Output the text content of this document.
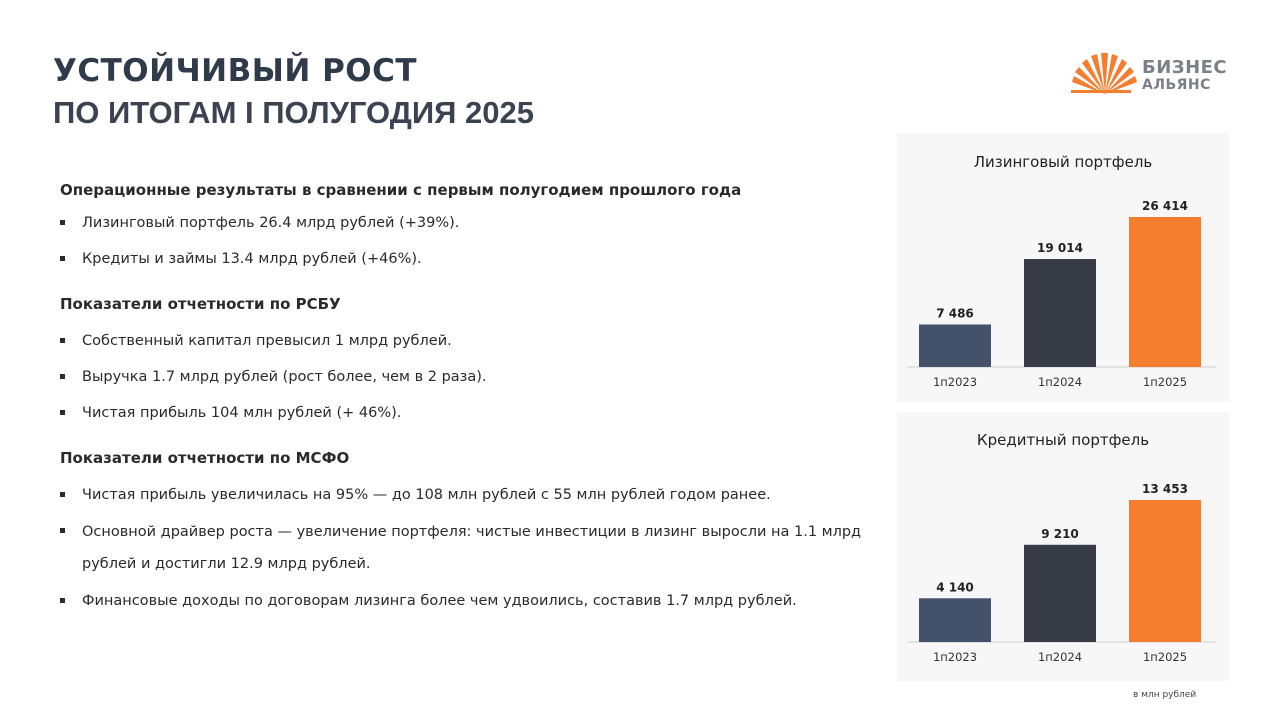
УСТОЙЧИВЫЙ РОСТ
ПО ИТОГАМ I ПОЛУГОДИЯ 2025
БИЗНЕС
АЛЬЯНС

Операционные результаты в сравнении с первым полугодием прошлого года

Лизинговый портфель 26.4 млрд рублей (+39%).
Кредиты и займы 13.4 млрд рублей (+46%).

Показатели отчетности по РСБУ

Собственный капитал превысил 1 млрд рублей.
Выручка 1.7 млрд рублей (рост более, чем в 2 раза).
Чистая прибыль 104 млн рублей (+ 46%).

Показатели отчетности по МСФО

Чистая прибыль увеличилась на 95% — до 108 млн рублей с 55 млн рублей годом ранее.
Основной драйвер роста — увеличение портфеля: чистые инвестиции в лизинг выросли на 1.1 млрд рублей и достигли 12.9 млрд рублей.
Финансовые доходы по договорам лизинга более чем удвоились, составив 1.7 млрд рублей.
Лизинговый портфель
7 486
1п2023
19 014
1п2024
26 414
1п2025
Кредитный портфель
4 140
1п2023
9 210
1п2024
13 453
1п2025
в млн рублей
